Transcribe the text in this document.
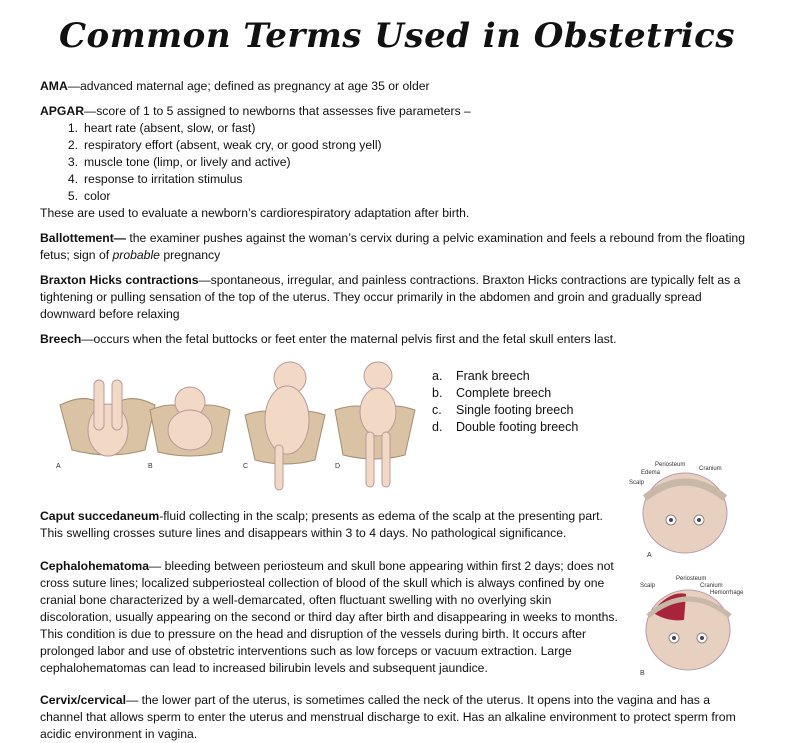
Common Terms Used in Obstetrics
AMA—advanced maternal age; defined as pregnancy at age 35 or older
APGAR—score of 1 to 5 assigned to newborns that assesses five parameters –
1. heart rate (absent, slow, or fast)
2. respiratory effort (absent, weak cry, or good strong yell)
3. muscle tone (limp, or lively and active)
4. response to irritation stimulus
5. color
These are used to evaluate a newborn’s cardiorespiratory adaptation after birth.
Ballottement— the examiner pushes against the woman’s cervix during a pelvic examination and feels a rebound from the floating fetus; sign of probable pregnancy
Braxton Hicks contractions—spontaneous, irregular, and painless contractions. Braxton Hicks contractions are typically felt as a tightening or pulling sensation of the top of the uterus. They occur primarily in the abdomen and groin and gradually spread downward before relaxing
Breech—occurs when the fetal buttocks or feet enter the maternal pelvis first and the fetal skull enters last.
A	B	C	D
a. Frank breech
b. Complete breech
c. Single footing breech
d. Double footing breech
Periosteum
Cranium
Edema
Scalp
A
Caput succedaneum-fluid collecting in the scalp; presents as edema of the scalp at the presenting part. This swelling crosses suture lines and disappears within 3 to 4 days. No pathological significance.
Cephalohematoma— bleeding between periosteum and skull bone appearing within first 2 days; does not cross suture lines; localized subperiosteal collection of blood of the skull which is always confined by one cranial bone characterized by a well-demarcated, often fluctuant swelling with no overlying skin discoloration, usually appearing on the second or third day after birth and disappearing in weeks to months. This condition is due to pressure on the head and disruption of the vessels during birth. It occurs after prolonged labor and use of obstetric interventions such as low forceps or vacuum extraction. Large cephalohematomas can lead to increased bilirubin levels and subsequent jaundice.
Periosteum
Scalp	Cranium
Hemorrhage
B
Cervix/cervical— the lower part of the uterus, is sometimes called the neck of the uterus. It opens into the vagina and has a channel that allows sperm to enter the uterus and menstrual discharge to exit. Has an alkaline environment to protect sperm from acidic environment in vagina.
